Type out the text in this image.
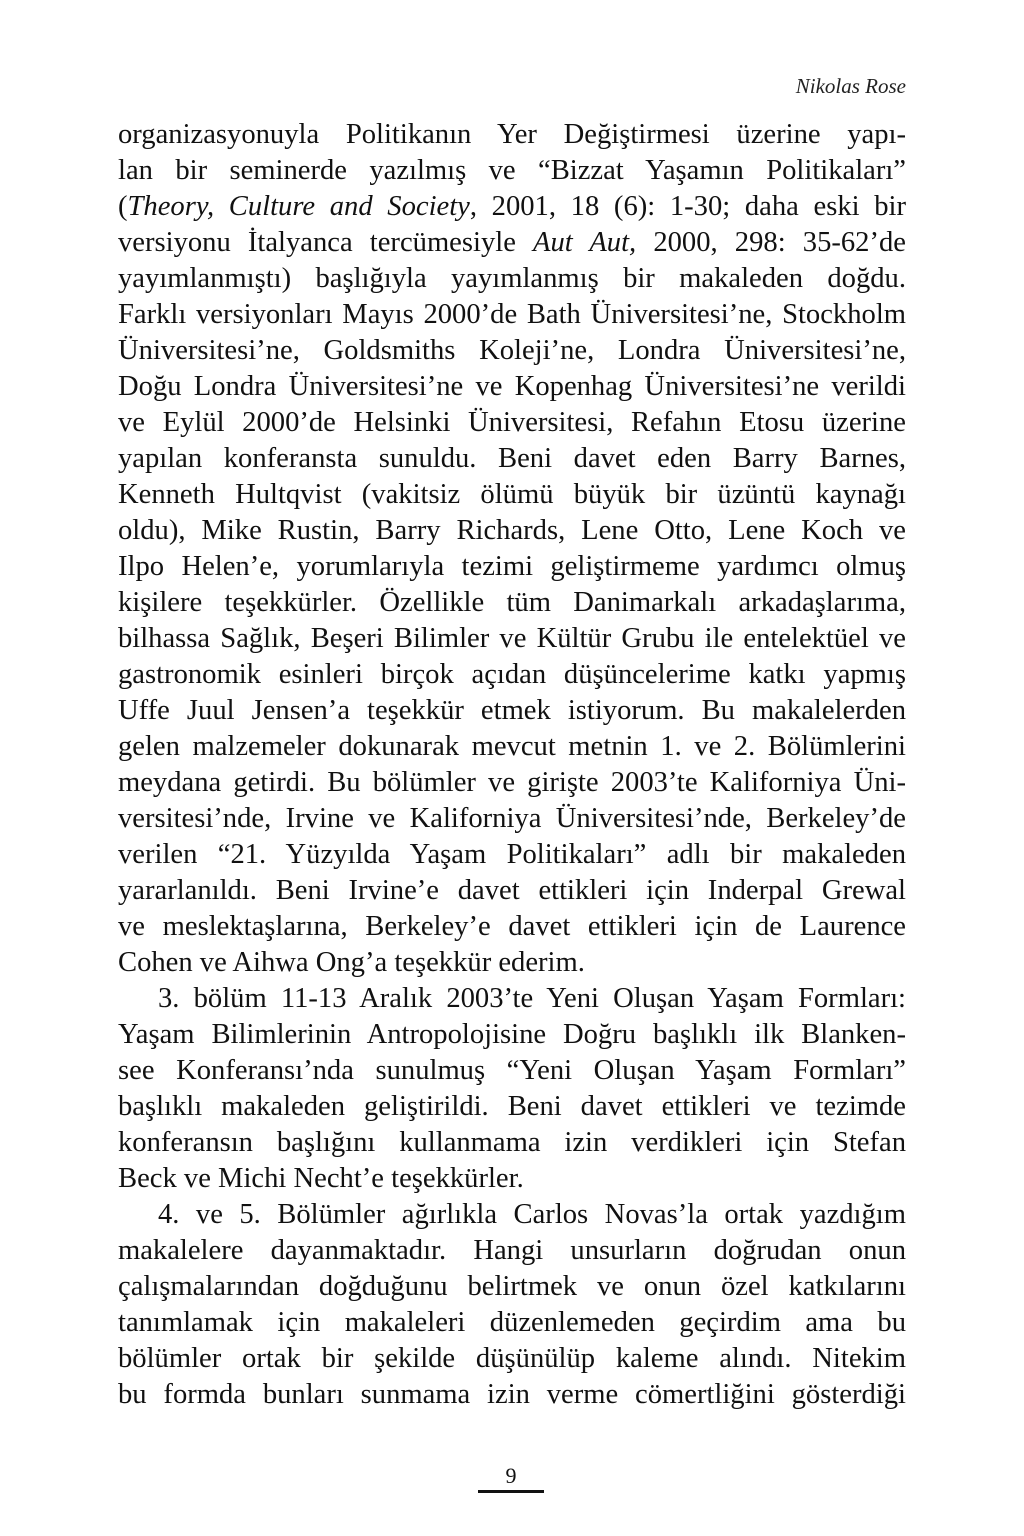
Nikolas Rose
organizasyonuyla Politikanın Yer Değiştirmesi üzerine yapı-
lan bir seminerde yazılmış ve “Bizzat Yaşamın Politikaları”
(Theory, Culture and Society, 2001, 18 (6): 1-30; daha eski bir
versiyonu İtalyanca tercümesiyle Aut Aut, 2000, 298: 35-62’de
yayımlanmıştı) başlığıyla yayımlanmış bir makaleden doğdu.
Farklı versiyonları Mayıs 2000’de Bath Üniversitesi’ne, Stockholm
Üniversitesi’ne, Goldsmiths Koleji’ne, Londra Üniversitesi’ne,
Doğu Londra Üniversitesi’ne ve Kopenhag Üniversitesi’ne verildi
ve Eylül 2000’de Helsinki Üniversitesi, Refahın Etosu üzerine
yapılan konferansta sunuldu. Beni davet eden Barry Barnes,
Kenneth Hultqvist (vakitsiz ölümü büyük bir üzüntü kaynağı
oldu), Mike Rustin, Barry Richards, Lene Otto, Lene Koch ve
Ilpo Helen’e, yorumlarıyla tezimi geliştirmeme yardımcı olmuş
kişilere teşekkürler. Özellikle tüm Danimarkalı arkadaşlarıma,
bilhassa Sağlık, Beşeri Bilimler ve Kültür Grubu ile entelektüel ve
gastronomik esinleri birçok açıdan düşüncelerime katkı yapmış
Uffe Juul Jensen’a teşekkür etmek istiyorum. Bu makalelerden
gelen malzemeler dokunarak mevcut metnin 1. ve 2. Bölümlerini
meydana getirdi. Bu bölümler ve girişte 2003’te Kaliforniya Üni-
versitesi’nde, Irvine ve Kaliforniya Üniversitesi’nde, Berkeley’de
verilen “21. Yüzyılda Yaşam Politikaları” adlı bir makaleden
yararlanıldı. Beni Irvine’e davet ettikleri için Inderpal Grewal
ve meslektaşlarına, Berkeley’e davet ettikleri için de Laurence
Cohen ve Aihwa Ong’a teşekkür ederim.
3. bölüm 11-13 Aralık 2003’te Yeni Oluşan Yaşam Formları:
Yaşam Bilimlerinin Antropolojisine Doğru başlıklı ilk Blanken-
see Konferansı’nda sunulmuş “Yeni Oluşan Yaşam Formları”
başlıklı makaleden geliştirildi. Beni davet ettikleri ve tezimde
konferansın başlığını kullanmama izin verdikleri için Stefan
Beck ve Michi Necht’e teşekkürler.
4. ve 5. Bölümler ağırlıkla Carlos Novas’la ortak yazdığım
makalelere dayanmaktadır. Hangi unsurların doğrudan onun
çalışmalarından doğduğunu belirtmek ve onun özel katkılarını
tanımlamak için makaleleri düzenlemeden geçirdim ama bu
bölümler ortak bir şekilde düşünülüp kaleme alındı. Nitekim
bu formda bunları sunmama izin verme cömertliğini gösterdiği
9
